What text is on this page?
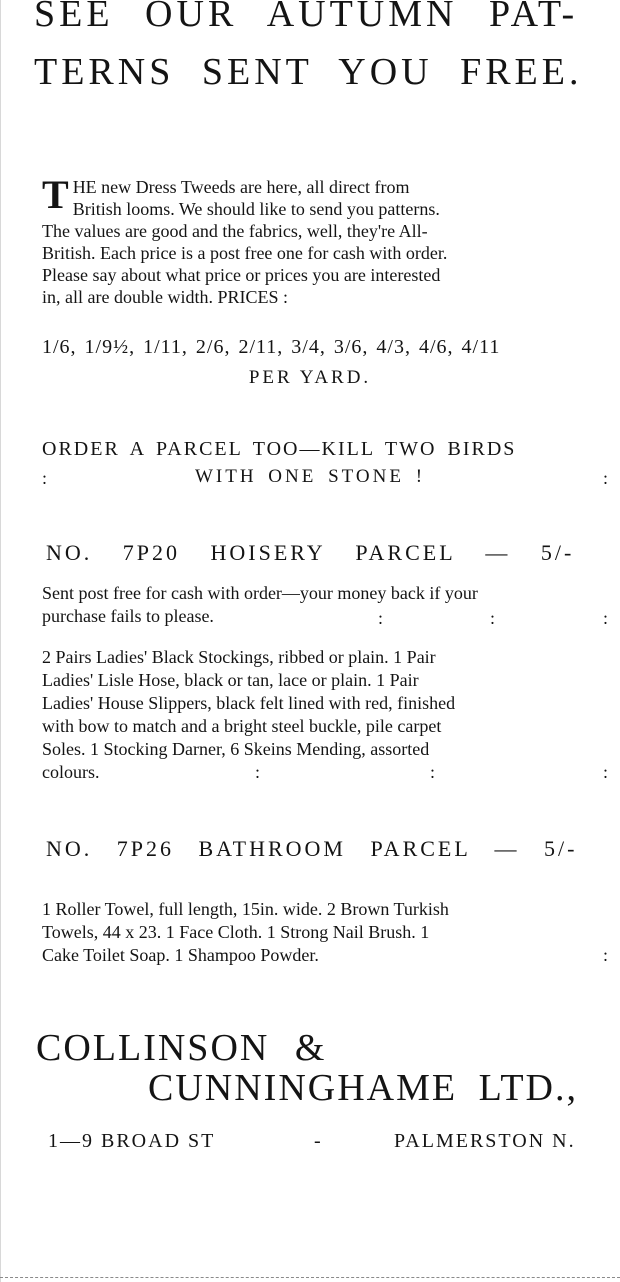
SEE OUR AUTUMN PAT-
TERNS SENT YOU FREE.
T HE new Dress Tweeds are here, all direct from
British looms. We should like to send you patterns.
The values are good and the fabrics, well, they're All-
British. Each price is a post free one for cash with order.
Please say about what price or prices you are interested
in, all are double width. PRICES :
1/6, 1/9½, 1/11, 2/6, 2/11, 3/4, 3/6, 4/3, 4/6, 4/11
PER YARD.
ORDER A PARCEL TOO—KILL TWO BIRDS
WITH ONE STONE !
:	:
NO. 7P20 HOISERY PARCEL — 5/-
Sent post free for cash with order—your money back if your
purchase fails to please.	:	:	:
2 Pairs Ladies' Black Stockings, ribbed or plain. 1 Pair
Ladies' Lisle Hose, black or tan, lace or plain. 1 Pair
Ladies' House Slippers, black felt lined with red, finished
with bow to match and a bright steel buckle, pile carpet
Soles. 1 Stocking Darner, 6 Skeins Mending, assorted
colours.	:	:	:
NO. 7P26 BATHROOM PARCEL — 5/-
1 Roller Towel, full length, 15in. wide. 2 Brown Turkish
Towels, 44 x 23. 1 Face Cloth. 1 Strong Nail Brush. 1
Cake Toilet Soap. 1 Shampoo Powder.	:
COLLINSON &
CUNNINGHAME LTD.,
1—9 BROAD ST	-	PALMERSTON N.
